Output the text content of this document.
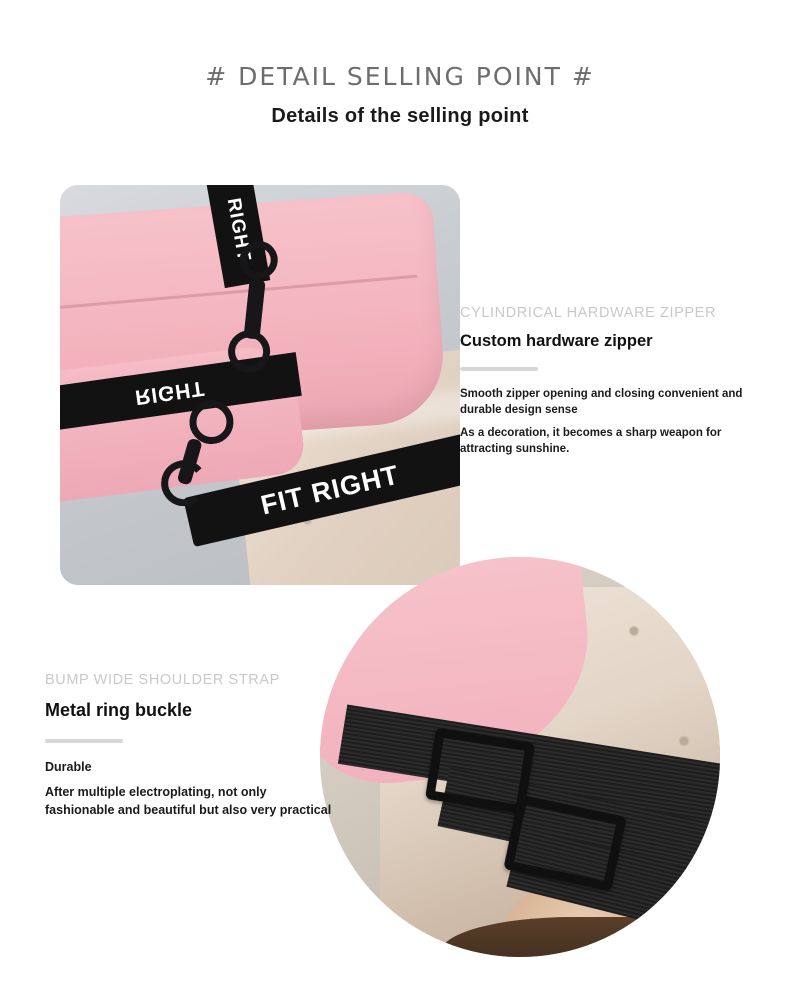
# DETAIL SELLING POINT #
Details of the selling point
RIGHT
RIGHT
FIT RIGHT
CYLINDRICAL HARDWARE ZIPPER
Custom hardware zipper

Smooth zipper opening and closing convenient and durable design sense

As a decoration, it becomes a sharp weapon for attracting sunshine.

BUMP WIDE SHOULDER STRAP
Metal ring buckle

Durable

After multiple electroplating, not only fashionable and beautiful but also very practical
